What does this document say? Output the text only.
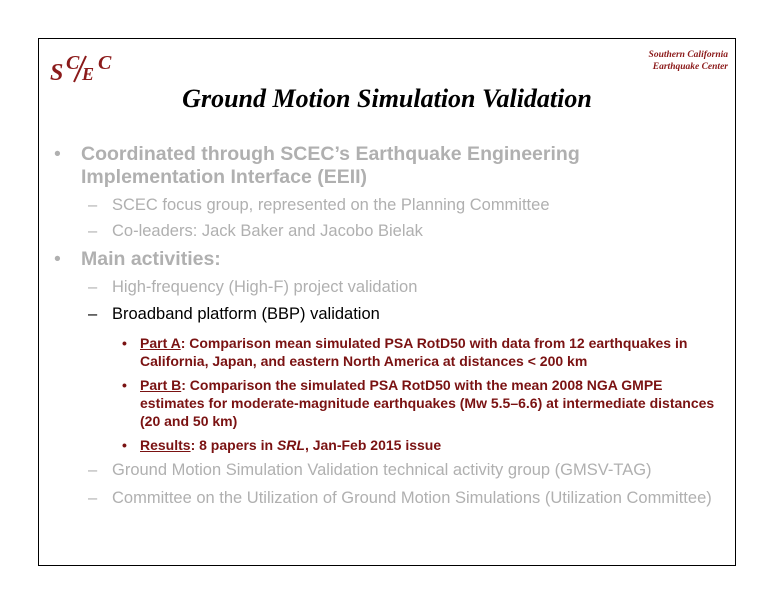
S C E C	Southern California
Earthquake Center
Ground Motion Simulation Validation
• Coordinated through SCEC’s Earthquake Engineering Implementation Interface (EEII)
– SCEC focus group, represented on the Planning Committee
– Co-leaders: Jack Baker and Jacobo Bielak
• Main activities:
– High-frequency (High-F) project validation
– Broadband platform (BBP) validation
• Part A: Comparison mean simulated PSA RotD50 with data from 12 earthquakes in California, Japan, and eastern North America at distances < 200 km
• Part B: Comparison the simulated PSA RotD50 with the mean 2008 NGA GMPE estimates for moderate-magnitude earthquakes (Mw 5.5–6.6) at intermediate distances (20 and 50 km)
• Results: 8 papers in SRL, Jan-Feb 2015 issue
– Ground Motion Simulation Validation technical activity group (GMSV-TAG)
– Committee on the Utilization of Ground Motion Simulations (Utilization Committee)
